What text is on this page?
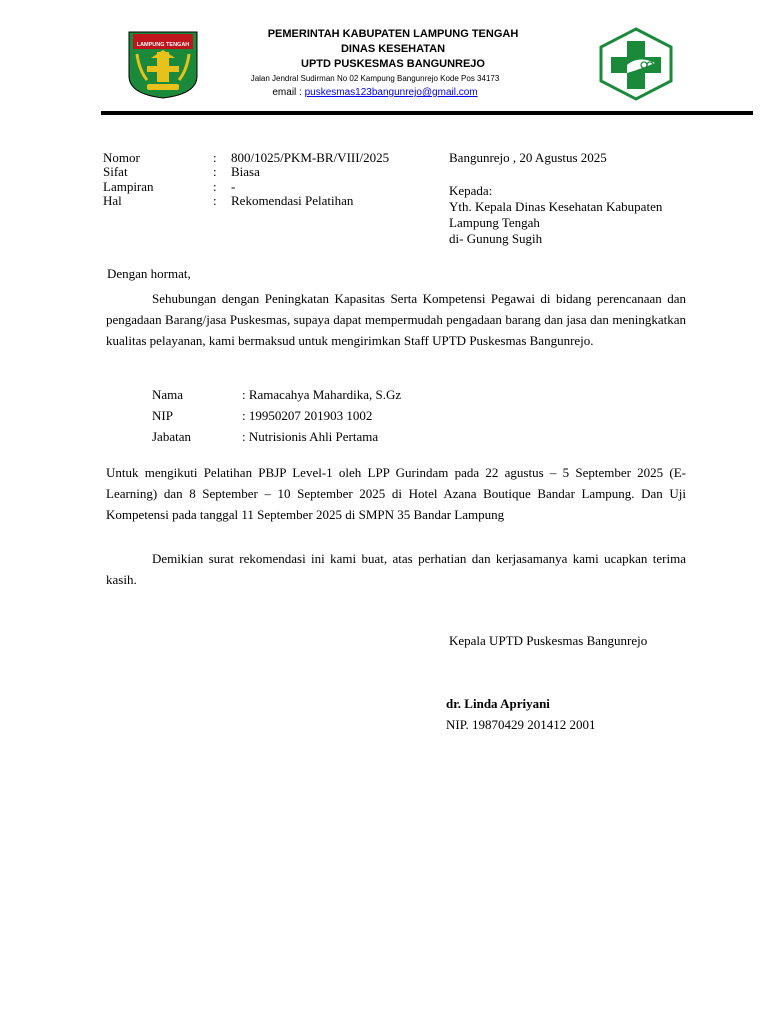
LAMPUNG TENGAH
PEMERINTAH KABUPATEN LAMPUNG TENGAH
DINAS KESEHATAN
UPTD PUSKESMAS BANGUNREJO
Jalan Jendral Sudirman No 02 Kampung Bangunrejo Kode Pos 34173
email : puskesmas123bangunrejo@gmail.com
Nomor	: 800/1025/PKM-BR/VIII/2025
Sifat	: Biasa
Lampiran	: -
Hal	: Rekomendasi Pelatihan
Bangunrejo , 20 Agustus 2025
Kepada:
Yth. Kepala Dinas Kesehatan Kabupaten
Lampung Tengah
di- Gunung Sugih
Dengan hormat,
Sehubungan dengan Peningkatan Kapasitas Serta Kompetensi Pegawai di bidang perencanaan dan pengadaan Barang/jasa Puskesmas, supaya dapat mempermudah pengadaan barang dan jasa dan meningkatkan kualitas pelayanan, kami bermaksud untuk mengirimkan Staff UPTD Puskesmas Bangunrejo.
Nama	: Ramacahya Mahardika, S.Gz
NIP	: 19950207 201903 1002
Jabatan	: Nutrisionis Ahli Pertama
Untuk mengikuti Pelatihan PBJP Level-1 oleh LPP Gurindam pada 22 agustus – 5 September 2025 (E-Learning) dan 8 September – 10 September 2025 di Hotel Azana Boutique Bandar Lampung. Dan Uji Kompetensi pada tanggal 11 September 2025 di SMPN 35 Bandar Lampung
Demikian surat rekomendasi ini kami buat, atas perhatian dan kerjasamanya kami ucapkan terima kasih.
Kepala UPTD Puskesmas Bangunrejo
dr. Linda Apriyani
NIP. 19870429 201412 2001
